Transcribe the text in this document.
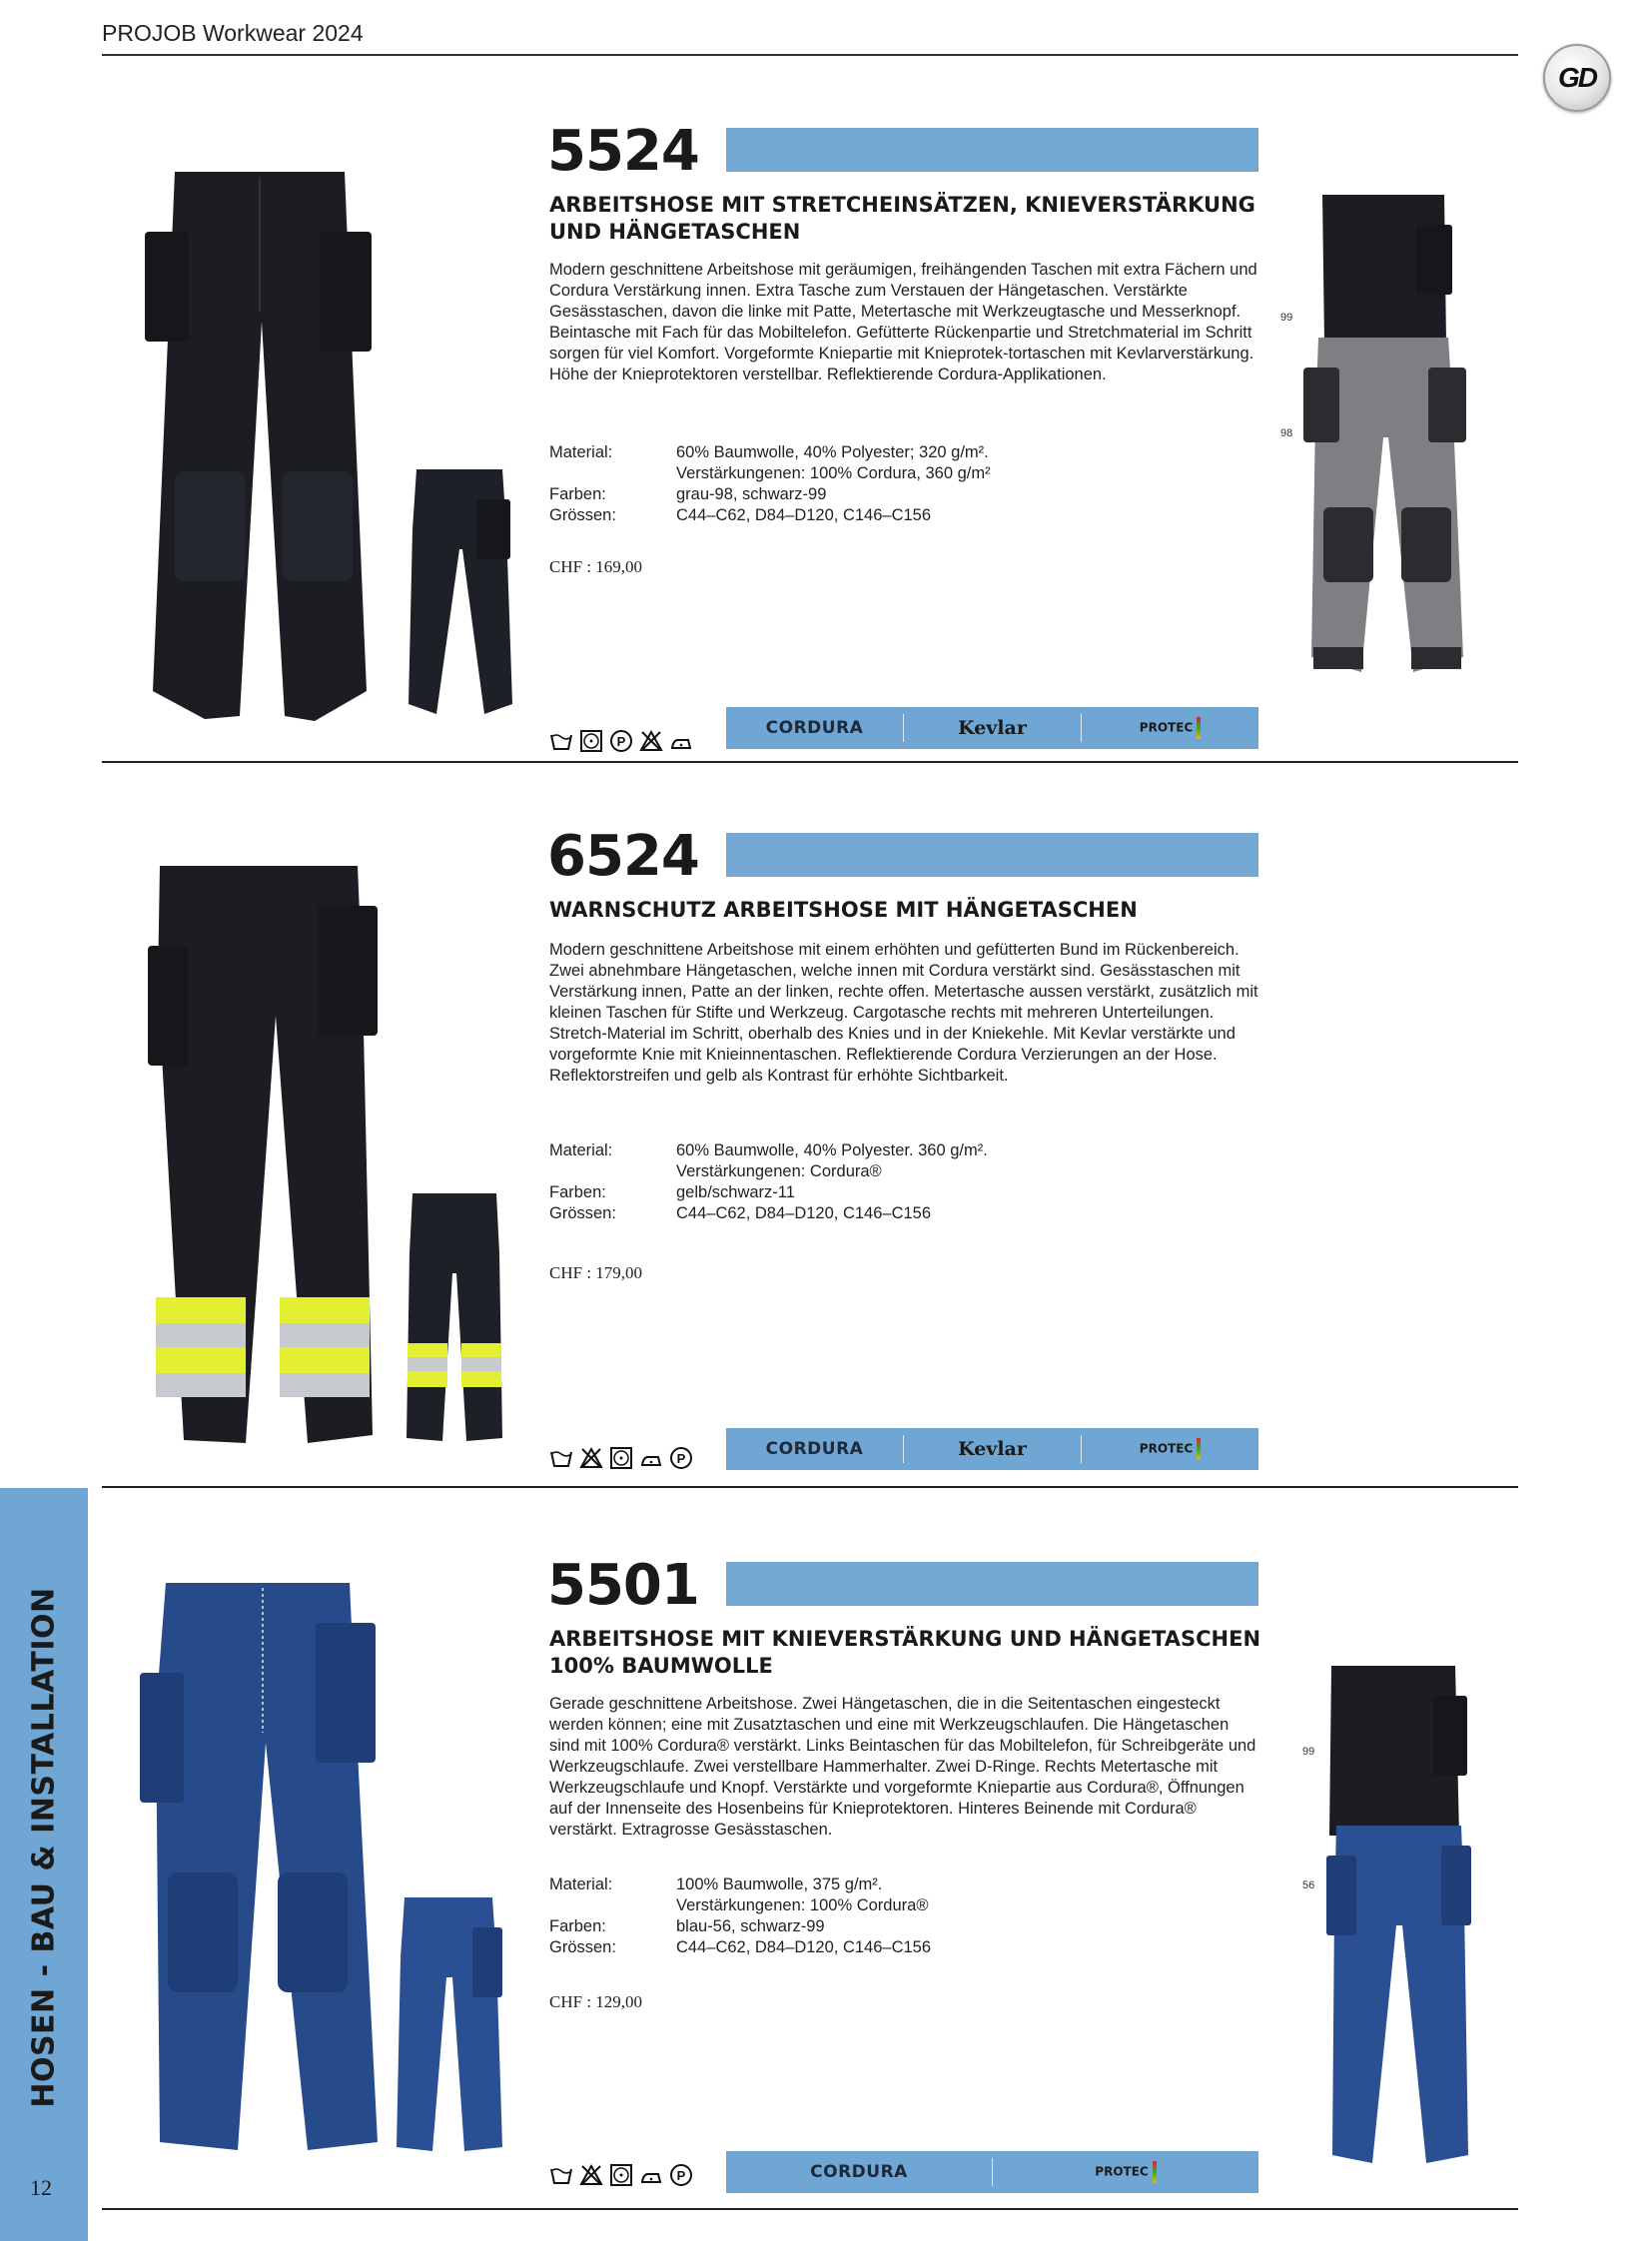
PROJOB Workwear 2024
GD
5524
ARBEITSHOSE MIT STRETCHEINSÄTZEN, KNIEVERSTÄRKUNG
UND HÄNGETASCHEN
Modern geschnittene Arbeitshose mit geräumigen, freihängenden Taschen mit extra Fächern und Cordura Verstärkung innen. Extra Tasche zum Verstauen der Hängetaschen. Verstärkte Gesässtaschen, davon die linke mit Patte, Metertasche mit Werkzeugtasche und Messerknopf. Beintasche mit Fach für das Mobiltelefon. Gefütterte Rückenpartie und Stretchmaterial im Schritt sorgen für viel Komfort. Vorgeformte Kniepartie mit Knieprotek-tortaschen mit Kevlarverstärkung. Höhe der Knieprotektoren verstellbar. Reflektierende Cordura-Applikationen.
Material:	60% Baumwolle, 40% Polyester; 320 g/m².
Verstärkungenen: 100% Cordura, 360 g/m²
Farben:	grau-98, schwarz-99
Grössen:	C44–C62, D84–D120, C146–C156
CHF : 169,00
99
98
P
CORDURA	Kevlar	PROTEC
6524
WARNSCHUTZ ARBEITSHOSE MIT HÄNGETASCHEN
Modern geschnittene Arbeitshose mit einem erhöhten und gefütterten Bund im Rückenbereich. Zwei abnehmbare Hängetaschen, welche innen mit Cordura verstärkt sind. Gesässtaschen mit Verstärkung innen, Patte an der linken, rechte offen. Metertasche aussen verstärkt, zusätzlich mit kleinen Taschen für Stifte und Werkzeug. Cargotasche rechts mit mehreren Unterteilungen. Stretch-Material im Schritt, oberhalb des Knies und in der Kniekehle. Mit Kevlar verstärkte und vorgeformte Knie mit Knieinnentaschen. Reflektierende Cordura Verzierungen an der Hose. Reflektorstreifen und gelb als Kontrast für erhöhte Sichtbarkeit.
Material:	60% Baumwolle, 40% Polyester. 360 g/m².
Verstärkungenen: Cordura®
Farben:	gelb/schwarz-11
Grössen:	C44–C62, D84–D120, C146–C156
CHF : 179,00
P	CORDURA	Kevlar	PROTEC
5501
ARBEITSHOSE MIT KNIEVERSTÄRKUNG UND HÄNGETASCHEN
100% BAUMWOLLE
Gerade geschnittene Arbeitshose. Zwei Hängetaschen, die in die Seitentaschen eingesteckt werden können; eine mit Zusatztaschen und eine mit Werkzeugschlaufen. Die Hängetaschen sind mit 100% Cordura® verstärkt. Links Beintaschen für das Mobiltelefon, für Schreibgeräte und Werkzeugschlaufe. Zwei verstellbare Hammerhalter. Zwei D-Ringe. Rechts Metertasche mit Werkzeugschlaufe und Knopf. Verstärkte und vorgeformte Kniepartie aus Cordura®, Öffnungen auf der Innenseite des Hosenbeins für Knieprotektoren. Hinteres Beinende mit Cordura® verstärkt. Extragrosse Gesässtaschen.
Material:	100% Baumwolle, 375 g/m².
Verstärkungenen: 100% Cordura®
Farben:	blau-56, schwarz-99
Grössen:	C44–C62, D84–D120, C146–C156
CHF : 129,00
99
56
P	CORDURA	PROTEC
HOSEN - BAU & INSTALLATION
12
